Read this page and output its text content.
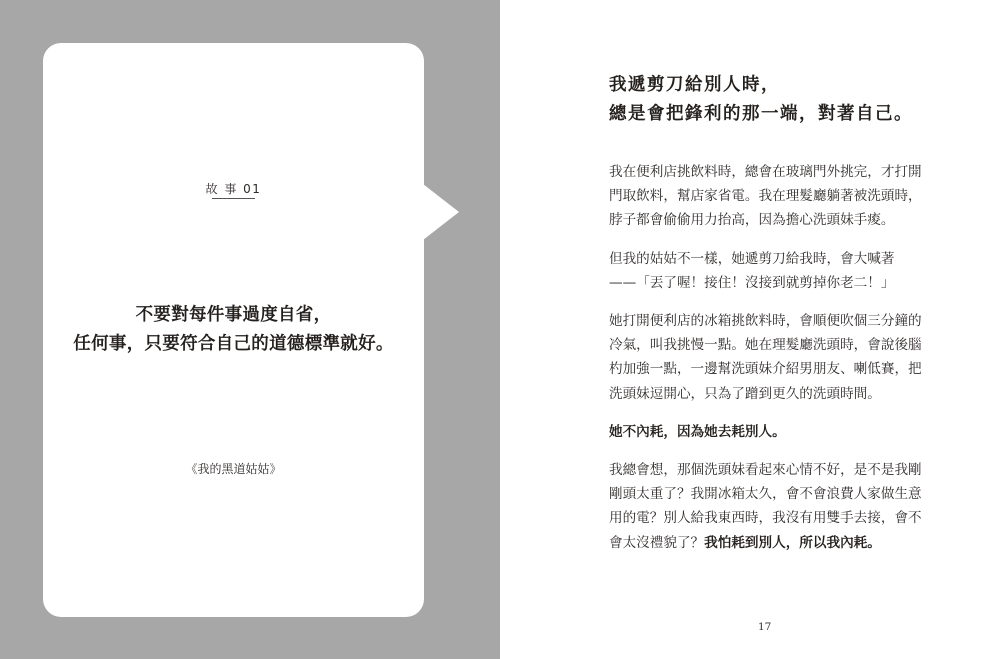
故 事 01
不要對每件事過度自省，
任何事，只要符合自己的道德標準就好。
《我的黑道姑姑》
我遞剪刀給別人時，
總是會把鋒利的那一端，對著自己。
我在便利店挑飲料時，總會在玻璃門外挑完，才打開
門取飲料，幫店家省電。我在理髮廳躺著被洗頭時，
脖子都會偷偷用力抬高，因為擔心洗頭妹手痠。
但我的姑姑不一樣，她遞剪刀給我時，會大喊著
——「丟了喔！接住！沒接到就剪掉你老二！」
她打開便利店的冰箱挑飲料時，會順便吹個三分鐘的
冷氣，叫我挑慢一點。她在理髮廳洗頭時，會說後腦
杓加強一點，一邊幫洗頭妹介紹男朋友、喇低賽，把
洗頭妹逗開心，只為了蹭到更久的洗頭時間。
她不內耗，因為她去耗別人。
我總會想，那個洗頭妹看起來心情不好，是不是我剛
剛頭太重了？我開冰箱太久，會不會浪費人家做生意
用的電？別人給我東西時，我沒有用雙手去接，會不
會太沒禮貌了？我怕耗到別人，所以我內耗。
17
